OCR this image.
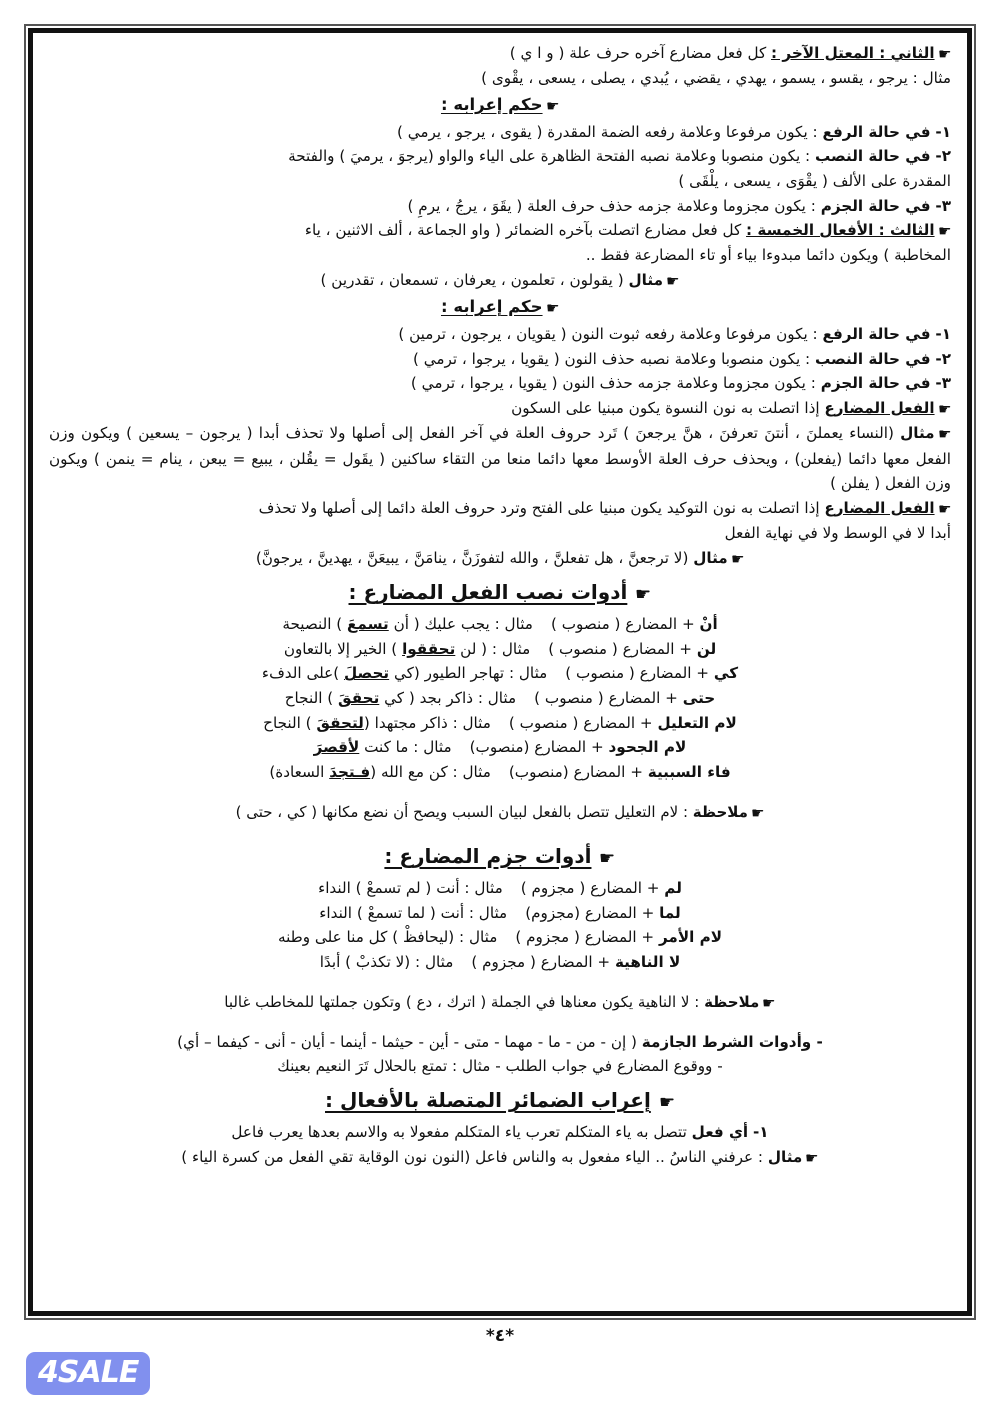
☚الثاني : المعتل الآخر : كل فعل مضارع آخره حرف علة ( و ا ي )

مثال : يرجو ، يقسو ، يسمو ، يهدي ، يقضي ، يُبدي ، يصلى ، يسعى ، يقْوى )

☚حكم إعرابه :

١- في حالة الرفع : يكون مرفوعا وعلامة رفعه الضمة المقدرة ( يقوى ، يرجو ، يرمي )

٢- في حالة النصب : يكون منصوبا وعلامة نصبه الفتحة الظاهرة على الياء والواو (يرجوَ ، يرميَ ) والفتحة

المقدرة على الألف ( يقْوَى ، يسعى ، يلْقَى )

٣- في حالة الجزم : يكون مجزوما وعلامة جزمه حذف حرف العلة ( يقَوَ ، يرجُ ، يرمِ )

☚الثالث : الأفعال الخمسة : كل فعل مضارع اتصلت بآخره الضمائر ( واو الجماعة ، ألف الاثنين ، ياء

المخاطبة ) ويكون دائما مبدوءا بياء أو تاء المضارعة فقط ..

☚مثال ( يقولون ، تعلمون ، يعرفان ، تسمعان ، تقدرين )

☚حكم إعرابه :

١- في حالة الرفع : يكون مرفوعا وعلامة رفعه ثبوت النون ( يقويان ، يرجون ، ترمين )

٢- في حالة النصب : يكون منصوبا وعلامة نصبه حذف النون ( يقويا ، يرجوا ، ترمي )

٣- في حالة الجزم : يكون مجزوما وعلامة جزمه حذف النون ( يقويا ، يرجوا ، ترمي )

☚الفعل المضارع إذا اتصلت به نون النسوة يكون مبنيا على السكون

☚مثال (النساء يعملنَ ، أنتنَ تعرفنَ ، هنَّ يرجعنَ ) تَرد حروف العلة في آخر الفعل إلى أصلها ولا تحذف أبدا ( يرجون – يسعين ) ويكون وزن الفعل معها دائما (يفعلن) ، ويحذف حرف العلة الأوسط معها دائما منعا من التقاء ساكنين ( يقَول = يقُلن ، يبيع = يبعن ، ينام = ينمن ) ويكون وزن الفعل ( يفلن )

☚الفعل المضارع إذا اتصلت به نون التوكيد يكون مبنيا على الفتح وترد حروف العلة دائما إلى أصلها ولا تحذف

أبدا لا في الوسط ولا في نهاية الفعل

☚مثال (لا ترجعنَّ ، هل تفعلنَّ ، والله لتفوزَنَّ ، ينامَنَّ ، يبيعَنَّ ، يهدينَّ ، يرجونَّ)

☚أدوات نصب الفعل المضارع :
أنْ + المضارع ( منصوب )مثال : يجب عليك ( أن تسمعَ ) النصيحة
لن + المضارع ( منصوب )مثال : ( لن تحققوا ) الخير إلا بالتعاون
كي + المضارع ( منصوب )مثال : تهاجر الطيور (كي تحصلَ )على الدفء
حتى + المضارع ( منصوب )مثال : ذاكر بجد ( كي تحققَ ) النجاح
لام التعليل + المضارع ( منصوب )مثال : ذاكر مجتهدا (لتحققَ ) النجاح
لام الجحود + المضارع (منصوب)مثال : ما كنت لأقصرَ
فاء السببية + المضارع (منصوب)مثال : كن مع الله (فـتجدَ السعادة)

☚ملاحظة : لام التعليل تتصل بالفعل لبيان السبب ويصح أن نضع مكانها ( كي ، حتى )

☚أدوات جزم المضارع :
لم + المضارع ( مجزوم )مثال : أنت ( لم تسمعْ ) النداء
لما + المضارع (مجزوم)مثال : أنت ( لما تسمعْ ) النداء
لام الأمر + المضارع ( مجزوم )مثال : (ليحافظْ ) كل منا على وطنه
لا الناهية + المضارع ( مجزوم )مثال : (لا تكذبْ ) أبدًا

☚ملاحظة : لا الناهية يكون معناها في الجملة ( اترك ، دع ) وتكون جملتها للمخاطب غالبا

- وأدوات الشرط الجازمة ( إن - من - ما - مهما - متى - أين - حيثما - أينما - أيان - أنى - كيفما – أي)

- ووقوع المضارع في جواب الطلب - مثال : تمتع بالحلال تَرَ النعيم بعينك

☚إعراب الضمائر المتصلة بالأفعال :

١- أي فعل تتصل به ياء المتكلم تعرب ياء المتكلم مفعولا به والاسم بعدها يعرب فاعل

☚مثال : عرفني الناسُ .. الياء مفعول به والناس فاعل (النون نون الوقاية تقي الفعل من كسرة الياء )

*٤*
4SALE
